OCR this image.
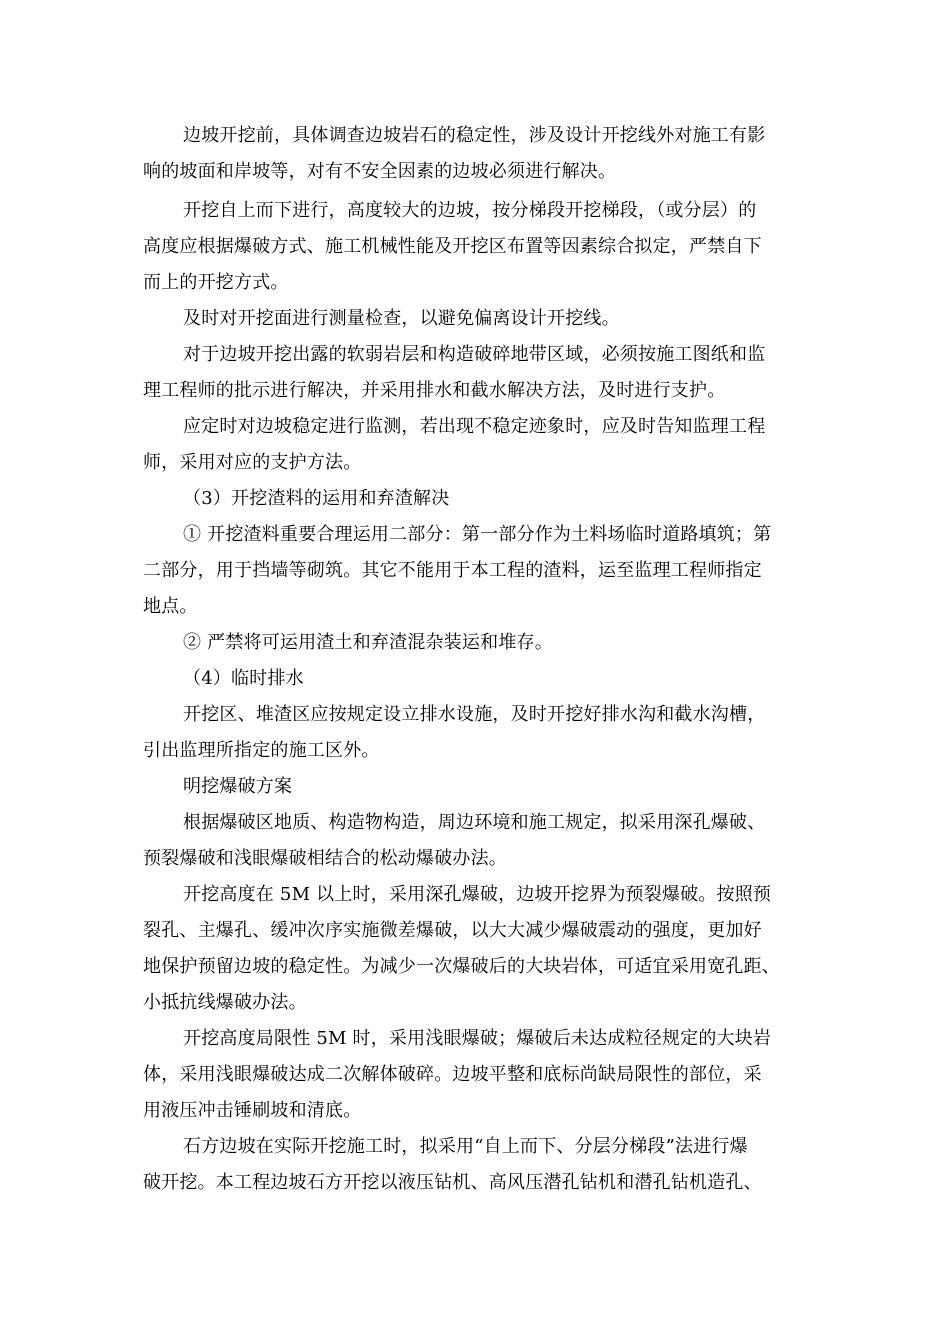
边坡开挖前，具体调查边坡岩石的稳定性，涉及设计开挖线外对施工有影
响的坡面和岸坡等，对有不安全因素的边坡必须进行解决。
开挖自上而下进行，高度较大的边坡，按分梯段开挖梯段，（或分层）的
高度应根据爆破方式、施工机械性能及开挖区布置等因素综合拟定，严禁自下
而上的开挖方式。
及时对开挖面进行测量检查，以避免偏离设计开挖线。
对于边坡开挖出露的软弱岩层和构造破碎地带区域，必须按施工图纸和监
理工程师的批示进行解决，并采用排水和截水解决方法，及时进行支护。
应定时对边坡稳定进行监测，若出现不稳定迹象时，应及时告知监理工程
师，采用对应的支护方法。
（3）开挖渣料的运用和弃渣解决
① 开挖渣料重要合理运用二部分：第一部分作为土料场临时道路填筑；第
二部分，用于挡墙等砌筑。其它不能用于本工程的渣料，运至监理工程师指定
地点。
② 严禁将可运用渣土和弃渣混杂装运和堆存。
（4）临时排水
开挖区、堆渣区应按规定设立排水设施，及时开挖好排水沟和截水沟槽，
引出监理所指定的施工区外。
明挖爆破方案
根据爆破区地质、构造物构造，周边环境和施工规定，拟采用深孔爆破、
预裂爆破和浅眼爆破相结合的松动爆破办法。
开挖高度在 5M 以上时，采用深孔爆破，边坡开挖界为预裂爆破。按照预
裂孔、主爆孔、缓冲次序实施微差爆破，以大大减少爆破震动的强度，更加好
地保护预留边坡的稳定性。为减少一次爆破后的大块岩体，可适宜采用宽孔距、
小抵抗线爆破办法。
开挖高度局限性 5M 时，采用浅眼爆破；爆破后未达成粒径规定的大块岩
体，采用浅眼爆破达成二次解体破碎。边坡平整和底标尚缺局限性的部位，采
用液压冲击锤刷坡和清底。
石方边坡在实际开挖施工时，拟采用“自上而下、分层分梯段”法进行爆
破开挖。本工程边坡石方开挖以液压钻机、高风压潜孔钻机和潜孔钻机造孔、
